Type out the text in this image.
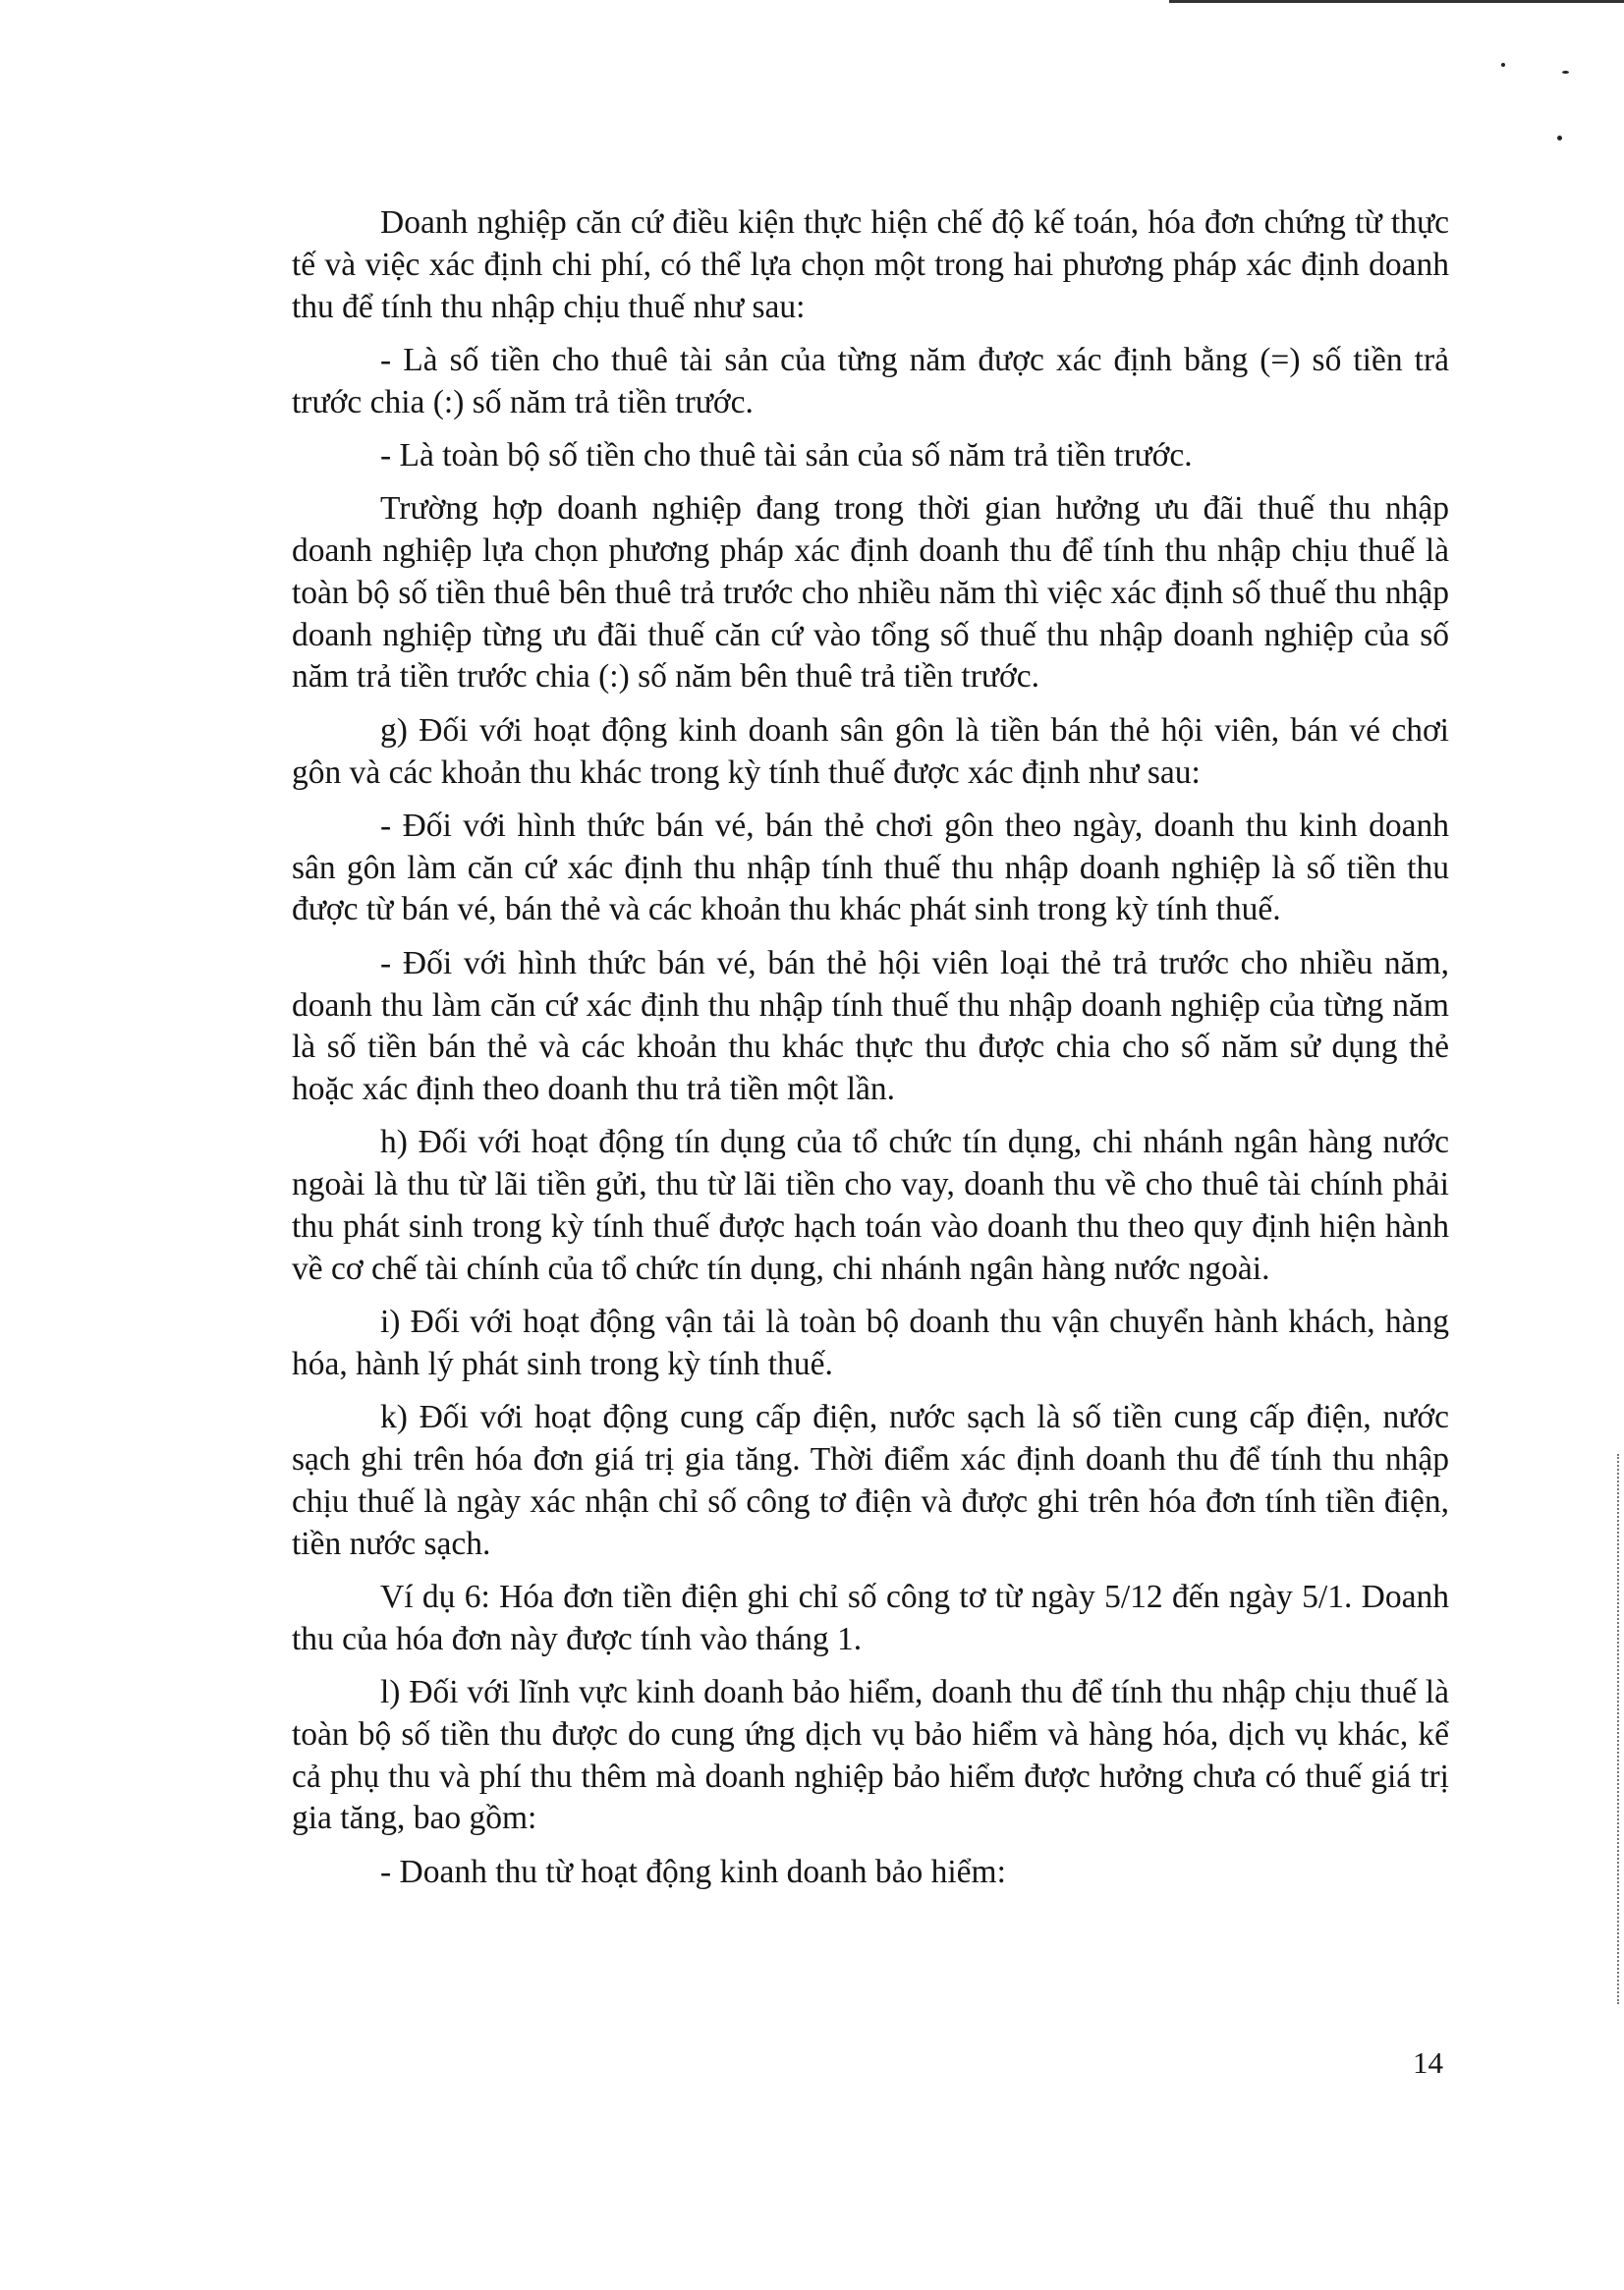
Doanh nghiệp căn cứ điều kiện thực hiện chế độ kế toán, hóa đơn chứng từ thực tế và việc xác định chi phí, có thể lựa chọn một trong hai phương pháp xác định doanh thu để tính thu nhập chịu thuế như sau:

- Là số tiền cho thuê tài sản của từng năm được xác định bằng (=) số tiền trả trước chia (:) số năm trả tiền trước.

- Là toàn bộ số tiền cho thuê tài sản của số năm trả tiền trước.

Trường hợp doanh nghiệp đang trong thời gian hưởng ưu đãi thuế thu nhập doanh nghiệp lựa chọn phương pháp xác định doanh thu để tính thu nhập chịu thuế là toàn bộ số tiền thuê bên thuê trả trước cho nhiều năm thì việc xác định số thuế thu nhập doanh nghiệp từng ưu đãi thuế căn cứ vào tổng số thuế thu nhập doanh nghiệp của số năm trả tiền trước chia (:) số năm bên thuê trả tiền trước.

g) Đối với hoạt động kinh doanh sân gôn là tiền bán thẻ hội viên, bán vé chơi gôn và các khoản thu khác trong kỳ tính thuế được xác định như sau:

- Đối với hình thức bán vé, bán thẻ chơi gôn theo ngày, doanh thu kinh doanh sân gôn làm căn cứ xác định thu nhập tính thuế thu nhập doanh nghiệp là số tiền thu được từ bán vé, bán thẻ và các khoản thu khác phát sinh trong kỳ tính thuế.

- Đối với hình thức bán vé, bán thẻ hội viên loại thẻ trả trước cho nhiều năm, doanh thu làm căn cứ xác định thu nhập tính thuế thu nhập doanh nghiệp của từng năm là số tiền bán thẻ và các khoản thu khác thực thu được chia cho số năm sử dụng thẻ hoặc xác định theo doanh thu trả tiền một lần.

h) Đối với hoạt động tín dụng của tổ chức tín dụng, chi nhánh ngân hàng nước ngoài là thu từ lãi tiền gửi, thu từ lãi tiền cho vay, doanh thu về cho thuê tài chính phải thu phát sinh trong kỳ tính thuế được hạch toán vào doanh thu theo quy định hiện hành về cơ chế tài chính của tổ chức tín dụng, chi nhánh ngân hàng nước ngoài.

i) Đối với hoạt động vận tải là toàn bộ doanh thu vận chuyển hành khách, hàng hóa, hành lý phát sinh trong kỳ tính thuế.

k) Đối với hoạt động cung cấp điện, nước sạch là số tiền cung cấp điện, nước sạch ghi trên hóa đơn giá trị gia tăng. Thời điểm xác định doanh thu để tính thu nhập chịu thuế là ngày xác nhận chỉ số công tơ điện và được ghi trên hóa đơn tính tiền điện, tiền nước sạch.

Ví dụ 6: Hóa đơn tiền điện ghi chỉ số công tơ từ ngày 5/12 đến ngày 5/1. Doanh thu của hóa đơn này được tính vào tháng 1.

l) Đối với lĩnh vực kinh doanh bảo hiểm, doanh thu để tính thu nhập chịu thuế là toàn bộ số tiền thu được do cung ứng dịch vụ bảo hiểm và hàng hóa, dịch vụ khác, kể cả phụ thu và phí thu thêm mà doanh nghiệp bảo hiểm được hưởng chưa có thuế giá trị gia tăng, bao gồm:

- Doanh thu từ hoạt động kinh doanh bảo hiểm:

14
